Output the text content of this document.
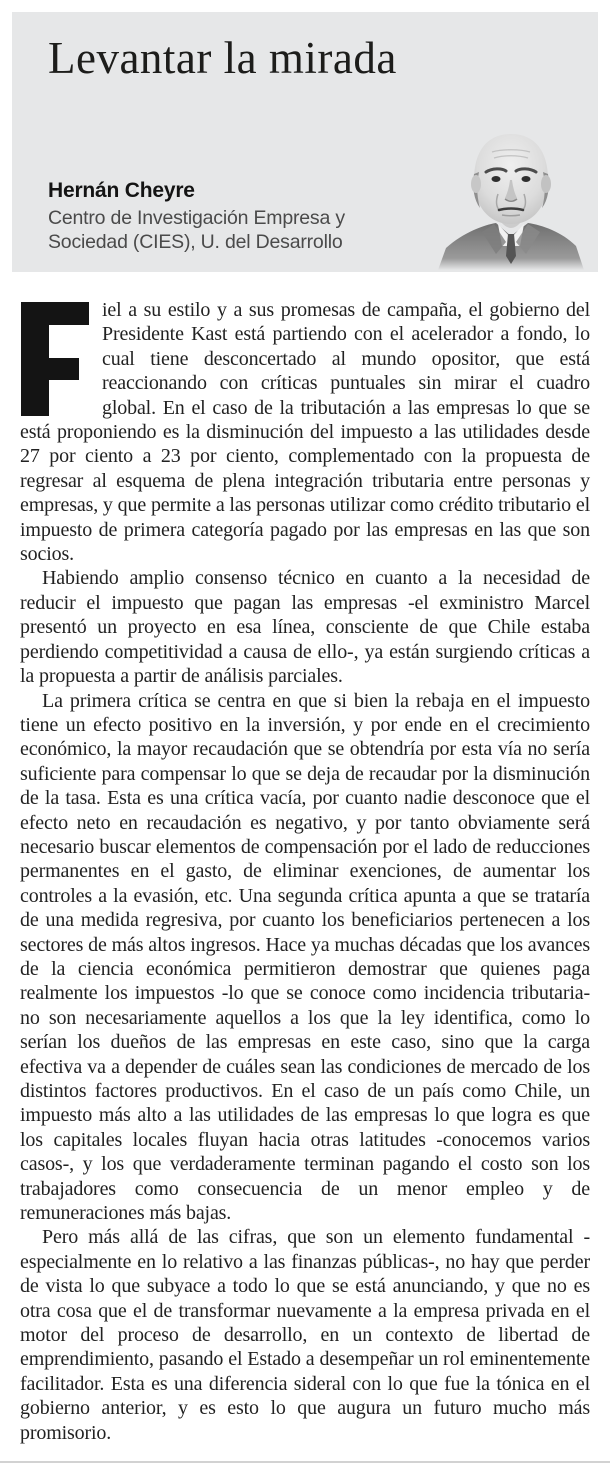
Levantar la mirada
Hernán Cheyre
Centro de Investigación Empresa y
Sociedad (CIES), U. del Desarrollo

iel a su estilo y a sus promesas de campaña, el gobierno del Presidente Kast está partiendo con el acelerador a fondo, lo cual tiene desconcertado al mundo opositor, que está reaccionando con críticas puntuales sin mirar el cuadro global. En el caso de la tributación a las empresas lo que se está proponiendo es la disminución del impuesto a las utilidades desde 27 por ciento a 23 por ciento, complementado con la propuesta de regresar al esquema de plena integración tributaria entre personas y empresas, y que permite a las personas utilizar como crédito tributario el impuesto de primera categoría pagado por las empresas en las que son socios.

Habiendo amplio consenso técnico en cuanto a la necesidad de reducir el impuesto que pagan las empresas -el exministro Marcel presentó un proyecto en esa línea, consciente de que Chile estaba perdiendo competitividad a causa de ello-, ya están surgiendo críticas a la propuesta a partir de análisis parciales.

La primera crítica se centra en que si bien la rebaja en el impuesto tiene un efecto positivo en la inversión, y por ende en el crecimiento económico, la mayor recaudación que se obtendría por esta vía no sería suficiente para compensar lo que se deja de recaudar por la disminución de la tasa. Esta es una crítica vacía, por cuanto nadie desconoce que el efecto neto en recaudación es negativo, y por tanto obviamente será necesario buscar elementos de compensación por el lado de reducciones permanentes en el gasto, de eliminar exenciones, de aumentar los controles a la evasión, etc. Una segunda crítica apunta a que se trataría de una medida regresiva, por cuanto los beneficiarios pertenecen a los sectores de más altos ingresos. Hace ya muchas décadas que los avances de la ciencia económica permitieron demostrar que quienes paga realmente los impuestos -lo que se conoce como incidencia tributaria- no son necesariamente aquellos a los que la ley identifica, como lo serían los dueños de las empresas en este caso, sino que la carga efectiva va a depender de cuáles sean las condiciones de mercado de los distintos factores productivos. En el caso de un país como Chile, un impuesto más alto a las utilidades de las empresas lo que logra es que los capitales locales fluyan hacia otras latitudes -conocemos varios casos-, y los que verdaderamente terminan pagando el costo son los trabajadores como consecuencia de un menor empleo y de remuneraciones más bajas.

Pero más allá de las cifras, que son un elemento fundamental -especialmente en lo relativo a las finanzas públicas-, no hay que perder de vista lo que subyace a todo lo que se está anunciando, y que no es otra cosa que el de transformar nuevamente a la empresa privada en el motor del proceso de desarrollo, en un contexto de libertad de emprendimiento, pasando el Estado a desempeñar un rol eminentemente facilitador. Esta es una diferencia sideral con lo que fue la tónica en el gobierno anterior, y es esto lo que augura un futuro mucho más promisorio.
